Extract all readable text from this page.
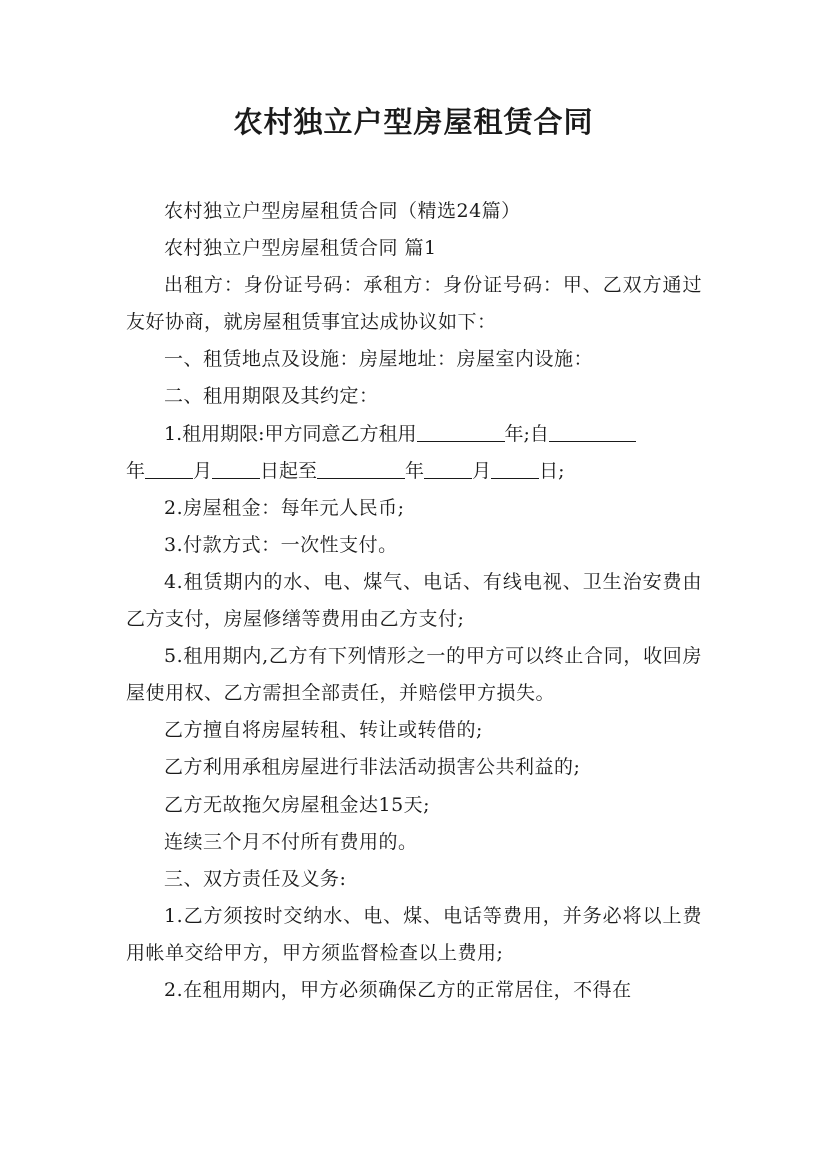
农村独立户型房屋租赁合同

农村独立户型房屋租赁合同（精选24篇）

农村独立户型房屋租赁合同 篇1

出租方：身份证号码：承租方：身份证号码：甲、乙双方通过友好协商，就房屋租赁事宜达成协议如下：

一、租赁地点及设施：房屋地址：房屋室内设施：

二、租用期限及其约定：

1.租用期限:甲方同意乙方租用	年;自
年	月	日起至	年	月	日;

2.房屋租金：每年元人民币;

3.付款方式：一次性支付。

4.租赁期内的水、电、煤气、电话、有线电视、卫生治安费由乙方支付，房屋修缮等费用由乙方支付;

5.租用期内,乙方有下列情形之一的甲方可以终止合同，收回房屋使用权、乙方需担全部责任，并赔偿甲方损失。

乙方擅自将房屋转租、转让或转借的;

乙方利用承租房屋进行非法活动损害公共利益的;

乙方无故拖欠房屋租金达15天;

连续三个月不付所有费用的。

三、双方责任及义务:

1.乙方须按时交纳水、电、煤、电话等费用，并务必将以上费用帐单交给甲方，甲方须监督检查以上费用;

2.在租用期内，甲方必须确保乙方的正常居住，不得在
